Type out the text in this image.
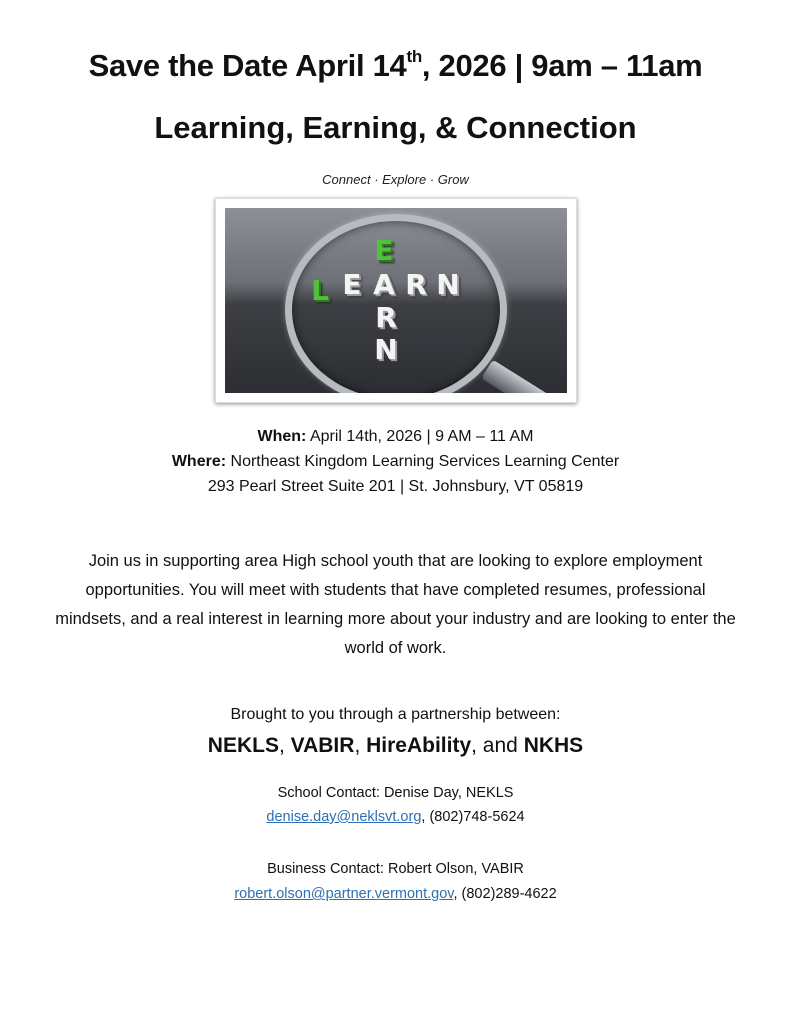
Save the Date April 14th, 2026 | 9am – 11am
Learning, Earning, & Connection
Connect · Explore · Grow
L E A R N
E
R
N
When: April 14th, 2026 | 9 AM – 11 AM
Where: Northeast Kingdom Learning Services Learning Center
293 Pearl Street Suite 201 | St. Johnsbury, VT 05819
Join us in supporting area High school youth that are looking to explore employment opportunities. You will meet with students that have completed resumes, professional mindsets, and a real interest in learning more about your industry and are looking to enter the world of work.
Brought to you through a partnership between:
NEKLS, VABIR, HireAbility, and NKHS
School Contact: Denise Day, NEKLS
denise.day@neklsvt.org, (802)748-5624
Business Contact: Robert Olson, VABIR
robert.olson@partner.vermont.gov, (802)289-4622
